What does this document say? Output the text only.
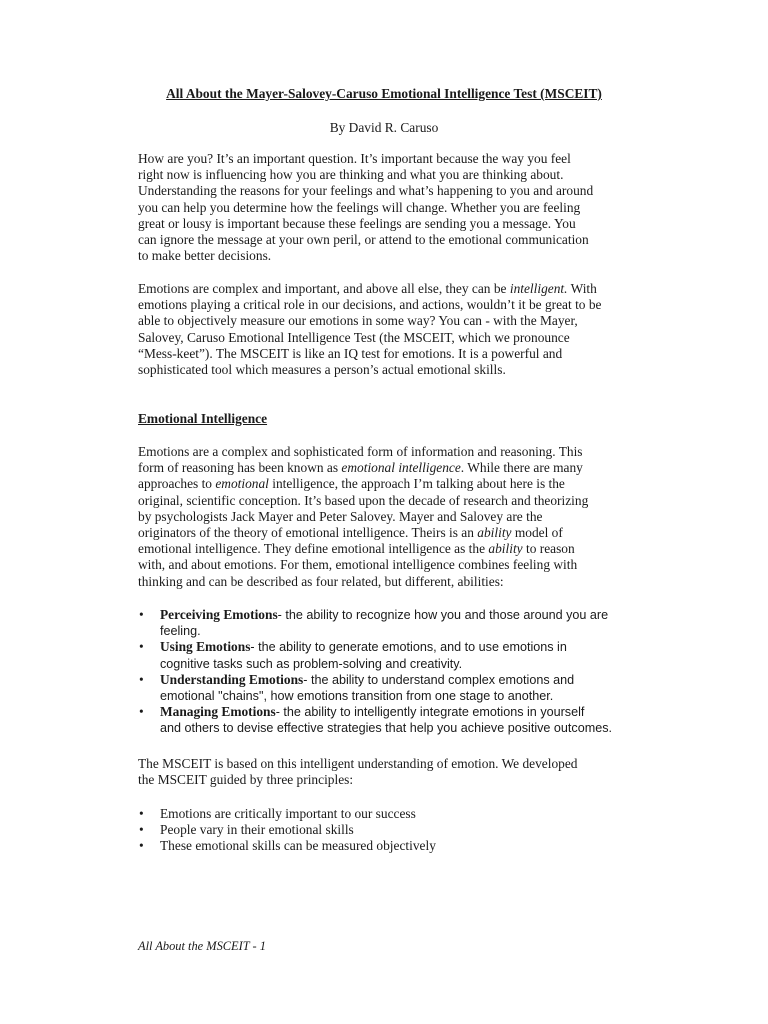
All About the Mayer-Salovey-Caruso Emotional Intelligence Test (MSCEIT)

By David R. Caruso

How are you? It’s an important question. It’s important because the way you feel
right now is influencing how you are thinking and what you are thinking about.
Understanding the reasons for your feelings and what’s happening to you and around
you can help you determine how the feelings will change. Whether you are feeling
great or lousy is important because these feelings are sending you a message. You
can ignore the message at your own peril, or attend to the emotional communication
to make better decisions.

Emotions are complex and important, and above all else, they can be intelligent. With
emotions playing a critical role in our decisions, and actions, wouldn’t it be great to be
able to objectively measure our emotions in some way? You can - with the Mayer,
Salovey, Caruso Emotional Intelligence Test (the MSCEIT, which we pronounce
“Mess-keet”). The MSCEIT is like an IQ test for emotions. It is a powerful and
sophisticated tool which measures a person’s actual emotional skills.

Emotional Intelligence

Emotions are a complex and sophisticated form of information and reasoning. This
form of reasoning has been known as emotional intelligence. While there are many
approaches to emotional intelligence, the approach I’m talking about here is the
original, scientific conception. It’s based upon the decade of research and theorizing
by psychologists Jack Mayer and Peter Salovey. Mayer and Salovey are the
originators of the theory of emotional intelligence. Theirs is an ability model of
emotional intelligence. They define emotional intelligence as the ability to reason
with, and about emotions. For them, emotional intelligence combines feeling with
thinking and can be described as four related, but different, abilities:

• Perceiving Emotions- the ability to recognize how you and those around you are
feeling.
• Using Emotions- the ability to generate emotions, and to use emotions in
cognitive tasks such as problem-solving and creativity.
• Understanding Emotions- the ability to understand complex emotions and
emotional "chains", how emotions transition from one stage to another.
• Managing Emotions- the ability to intelligently integrate emotions in yourself
and others to devise effective strategies that help you achieve positive outcomes.

The MSCEIT is based on this intelligent understanding of emotion. We developed
the MSCEIT guided by three principles:

• Emotions are critically important to our success
• People vary in their emotional skills
• These emotional skills can be measured objectively

All About the MSCEIT - 1
